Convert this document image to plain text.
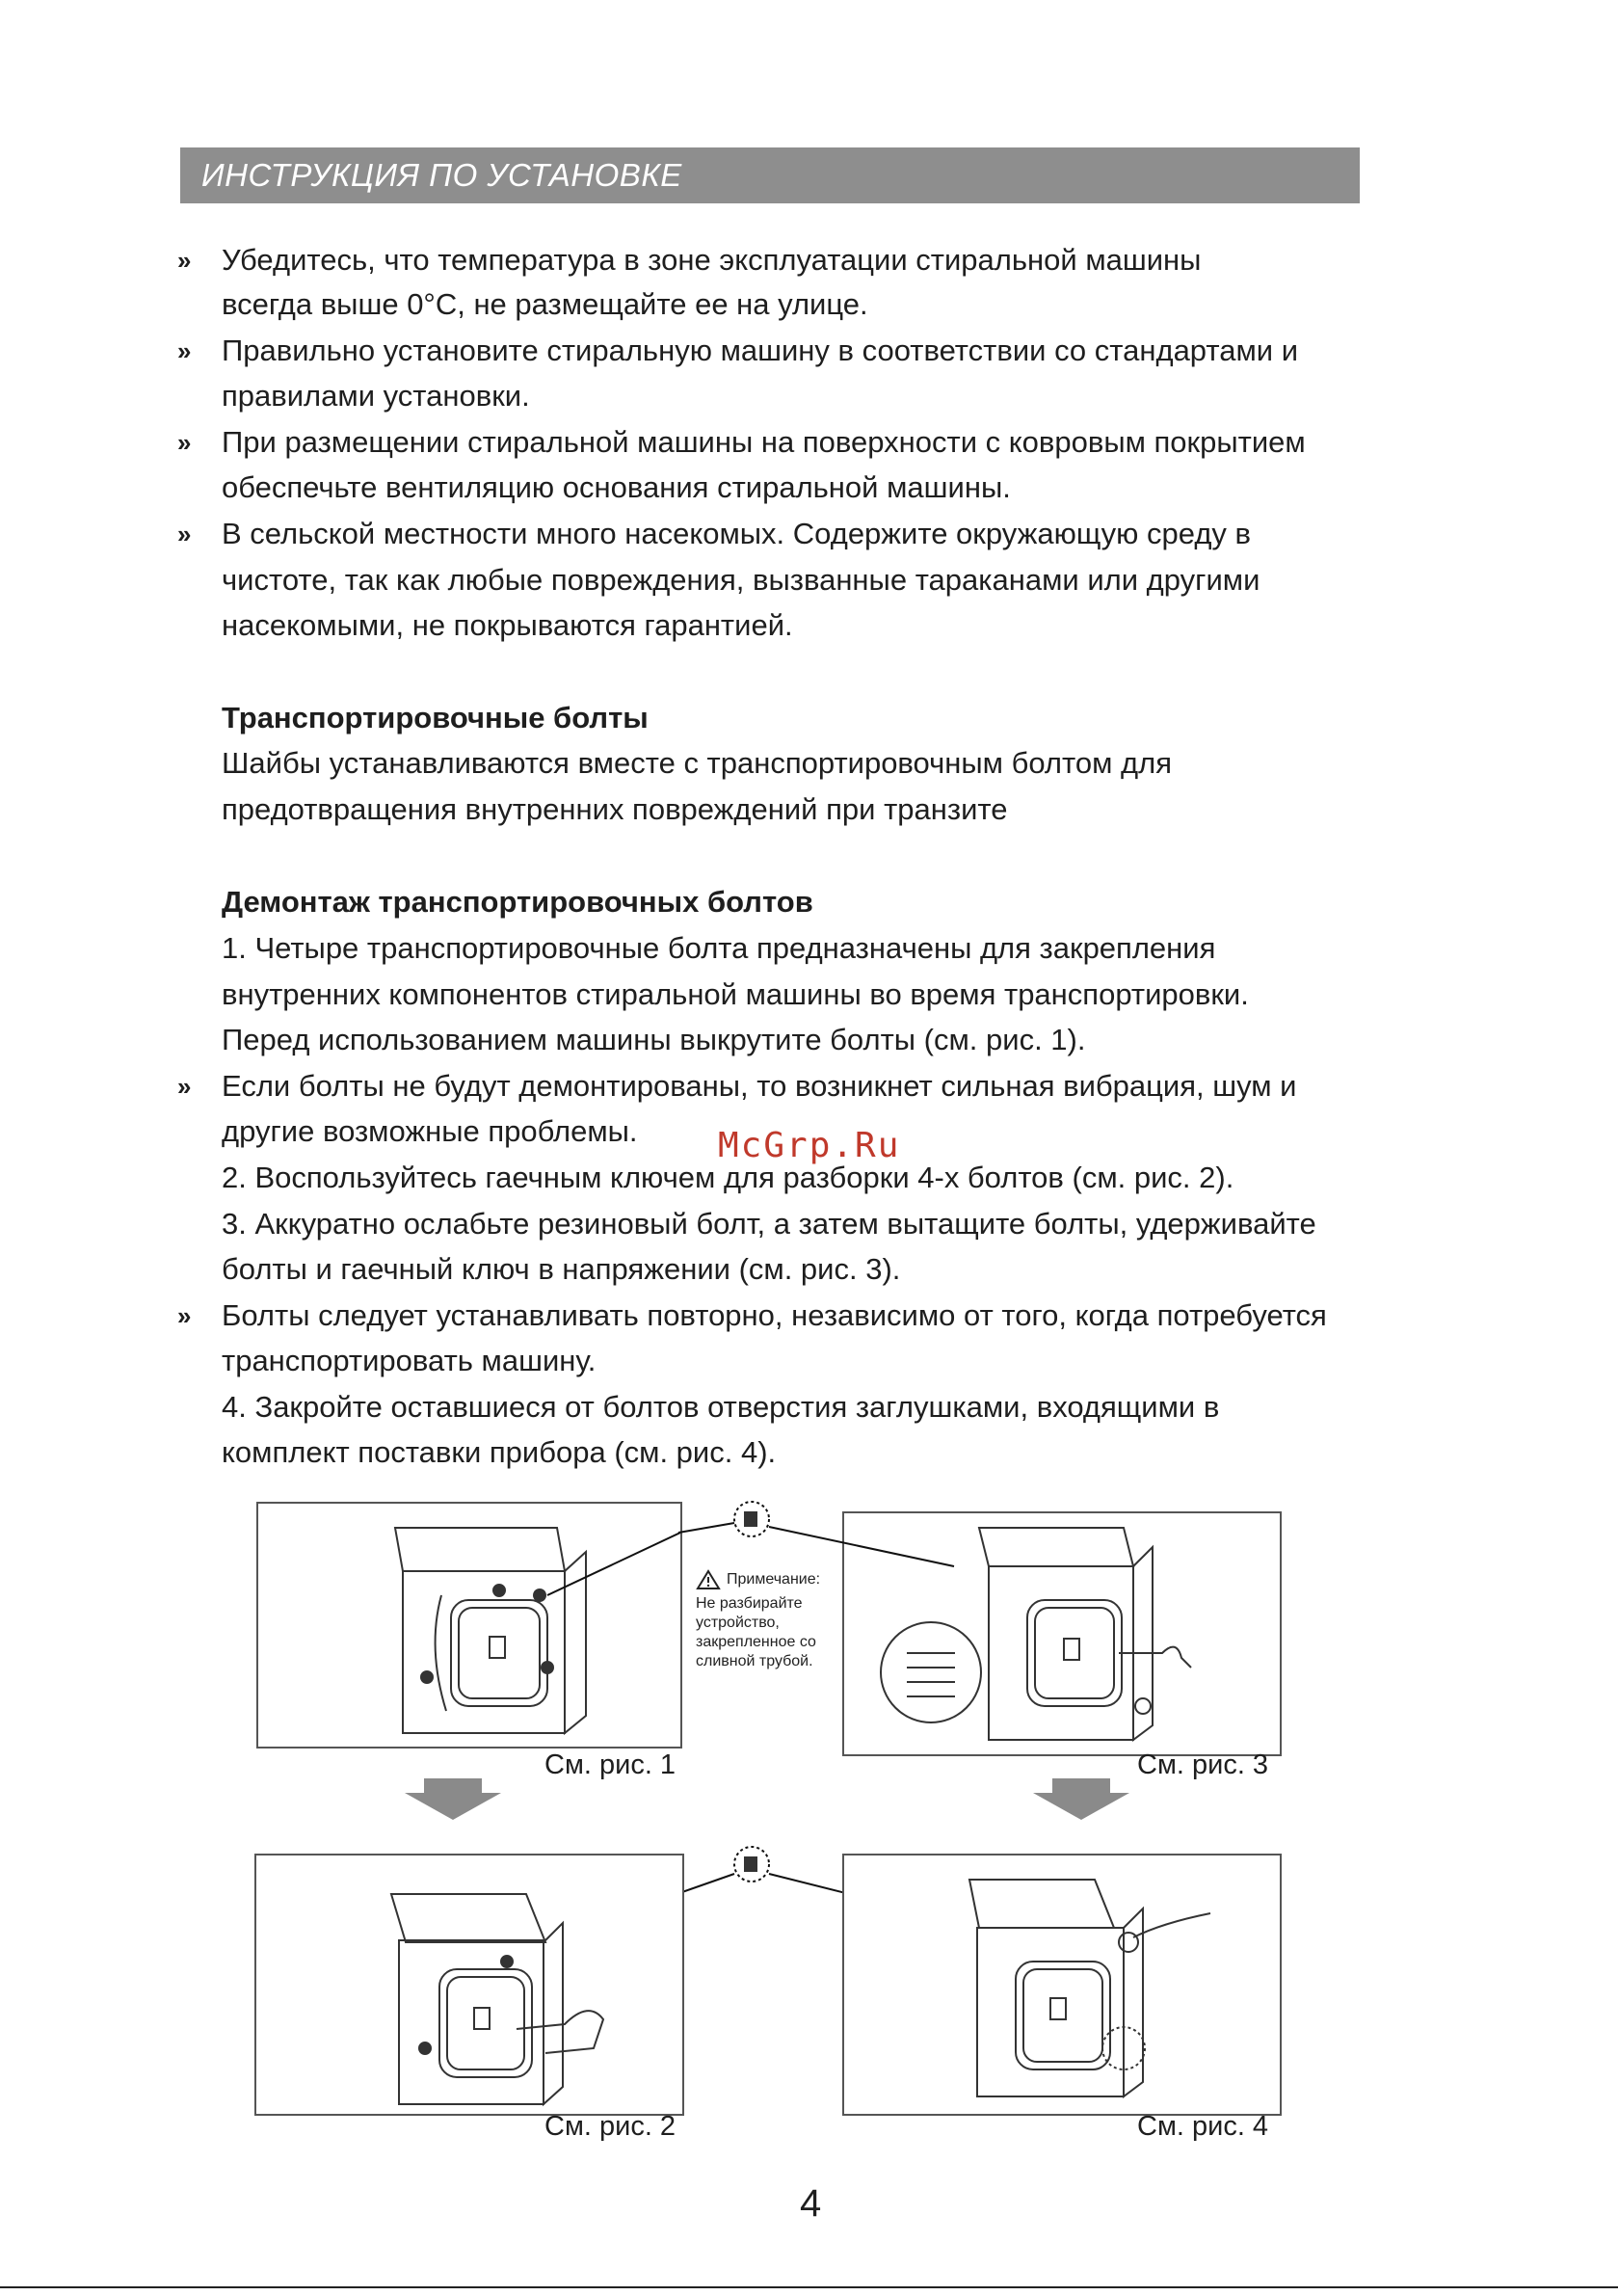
ИНСТРУКЦИЯ ПО УСТАНОВКЕ
»	Убедитесь, что температура в зоне эксплуатации стиральной машины

всегда выше 0°С, не размещайте ее на улице.

»	Правильно установите стиральную машину в соответствии со стандартами и

правилами установки.

»	При размещении стиральной машины на поверхности с ковровым покрытием

обеспечьте вентиляцию основания стиральной машины.

»	В сельской местности много насекомых. Содержите окружающую среду в

чистоте, так как любые повреждения, вызванные тараканами или другими

насекомыми, не покрываются гарантией.

Транспортировочные болты

Шайбы устанавливаются вместе с транспортировочным болтом для

предотвращения внутренних повреждений при транзите

Демонтаж транспортировочных болтов

1. Четыре транспортировочные болта предназначены для закрепления

внутренних компонентов стиральной машины во время транспортировки.

Перед использованием машины выкрутите болты (см. рис. 1).

»	Если болты не будут демонтированы, то возникнет сильная вибрация, шум и

другие возможные проблемы.	McGrp.Ru

2. Воспользуйтесь гаечным ключем для разборки 4-х болтов (см. рис. 2).

3. Аккуратно ослабьте резиновый болт, а затем вытащите болты, удерживайте

болты и гаечный ключ в напряжении (см. рис. 3).

»	Болты следует устанавливать повторно, независимо от того, когда потребуется

транспортировать машину.

4. Закройте оставшиеся от болтов отверстия заглушками, входящими в

комплект поставки прибора (см. рис. 4).

См. рис. 1	См. рис. 3
Примечание:
Не разбирайте
устройство,
закрепленное со
сливной трубой.
См. рис. 2	См. рис. 4
4
